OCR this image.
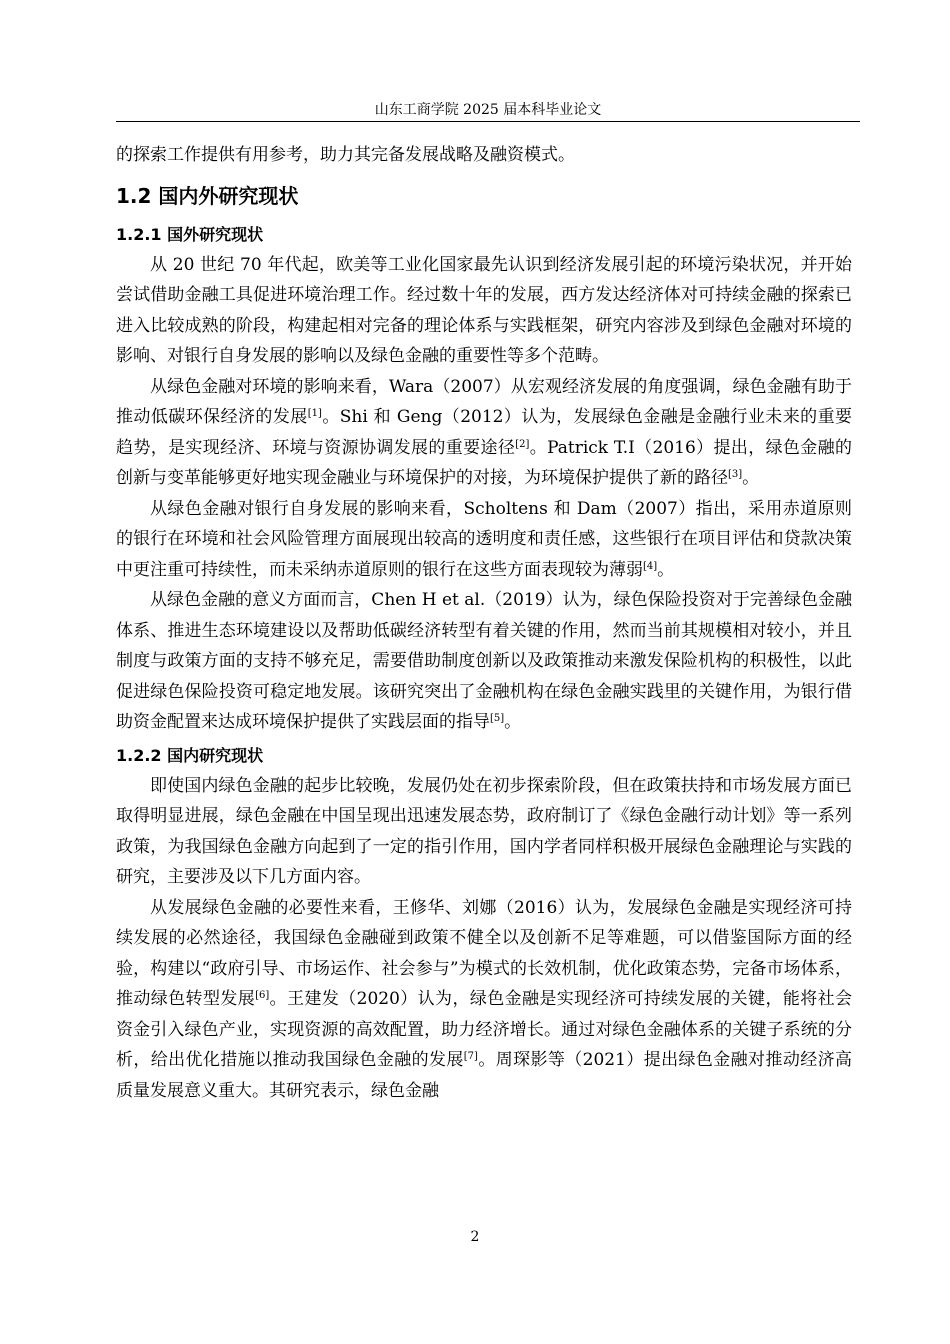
山东工商学院 2025 届本科毕业论文

的探索工作提供有用参考，助力其完备发展战略及融资模式。

1.2 国内外研究现状
1.2.1 国外研究现状

从 20 世纪 70 年代起，欧美等工业化国家最先认识到经济发展引起的环境污染状况，并开始尝试借助金融工具促进环境治理工作。经过数十年的发展，西方发达经济体对可持续金融的探索已进入比较成熟的阶段，构建起相对完备的理论体系与实践框架，研究内容涉及到绿色金融对环境的影响、对银行自身发展的影响以及绿色金融的重要性等多个范畴。

从绿色金融对环境的影响来看，Wara（2007）从宏观经济发展的角度强调，绿色金融有助于推动低碳环保经济的发展[1]。Shi 和 Geng（2012）认为，发展绿色金融是金融行业未来的重要趋势，是实现经济、环境与资源协调发展的重要途径[2]。Patrick T.I（2016）提出，绿色金融的创新与变革能够更好地实现金融业与环境保护的对接，为环境保护提供了新的路径[3]。

从绿色金融对银行自身发展的影响来看，Scholtens 和 Dam（2007）指出，采用赤道原则的银行在环境和社会风险管理方面展现出较高的透明度和责任感，这些银行在项目评估和贷款决策中更注重可持续性，而未采纳赤道原则的银行在这些方面表现较为薄弱[4]。

从绿色金融的意义方面而言，Chen H et al.（2019）认为，绿色保险投资对于完善绿色金融体系、推进生态环境建设以及帮助低碳经济转型有着关键的作用，然而当前其规模相对较小，并且制度与政策方面的支持不够充足，需要借助制度创新以及政策推动来激发保险机构的积极性，以此促进绿色保险投资可稳定地发展。该研究突出了金融机构在绿色金融实践里的关键作用，为银行借助资金配置来达成环境保护提供了实践层面的指导[5]。

1.2.2 国内研究现状

即使国内绿色金融的起步比较晚，发展仍处在初步探索阶段，但在政策扶持和市场发展方面已取得明显进展，绿色金融在中国呈现出迅速发展态势，政府制订了《绿色金融行动计划》等一系列政策，为我国绿色金融方向起到了一定的指引作用，国内学者同样积极开展绿色金融理论与实践的研究，主要涉及以下几方面内容。

从发展绿色金融的必要性来看，王修华、刘娜（2016）认为，发展绿色金融是实现经济可持续发展的必然途径，我国绿色金融碰到政策不健全以及创新不足等难题，可以借鉴国际方面的经验，构建以“政府引导、市场运作、社会参与”为模式的长效机制，优化政策态势，完备市场体系，推动绿色转型发展[6]。王建发（2020）认为，绿色金融是实现经济可持续发展的关键，能将社会资金引入绿色产业，实现资源的高效配置，助力经济增长。通过对绿色金融体系的关键子系统的分析，给出优化措施以推动我国绿色金融的发展[7]。周琛影等（2021）提出绿色金融对推动经济高质量发展意义重大。其研究表示，绿色金融

2
